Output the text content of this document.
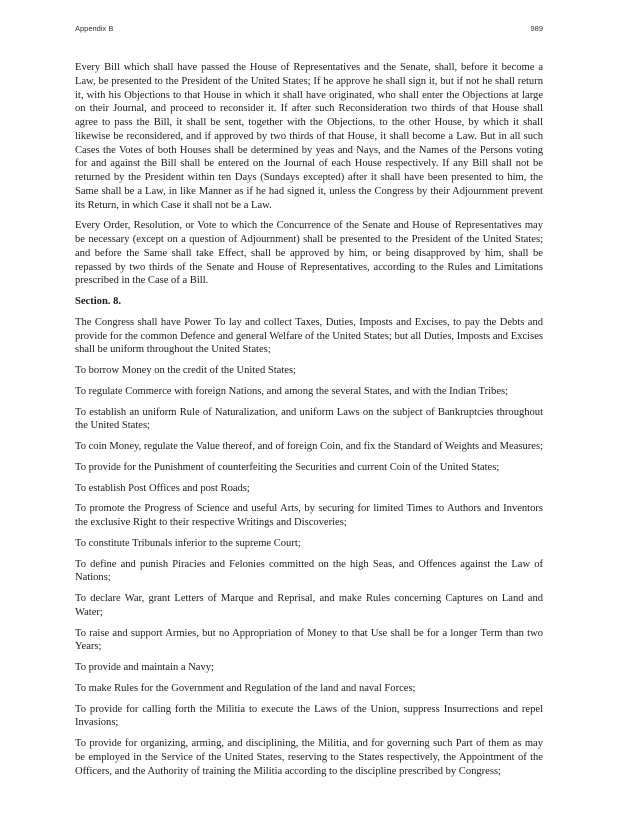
Appendix B	989

Every Bill which shall have passed the House of Representatives and the Senate, shall, before it become a Law, be presented to the President of the United States; If he approve he shall sign it, but if not he shall return it, with his Objections to that House in which it shall have originated, who shall enter the Objections at large on their Journal, and proceed to reconsider it. If after such Reconsideration two thirds of that House shall agree to pass the Bill, it shall be sent, together with the Objections, to the other House, by which it shall likewise be reconsidered, and if approved by two thirds of that House, it shall become a Law. But in all such Cases the Votes of both Houses shall be determined by yeas and Nays, and the Names of the Persons voting for and against the Bill shall be entered on the Journal of each House respectively. If any Bill shall not be returned by the President within ten Days (Sundays excepted) after it shall have been presented to him, the Same shall be a Law, in like Manner as if he had signed it, unless the Congress by their Adjournment prevent its Return, in which Case it shall not be a Law.

Every Order, Resolution, or Vote to which the Concurrence of the Senate and House of Representatives may be necessary (except on a question of Adjournment) shall be presented to the President of the United States; and before the Same shall take Effect, shall be approved by him, or being disapproved by him, shall be repassed by two thirds of the Senate and House of Representatives, according to the Rules and Limitations prescribed in the Case of a Bill.

Section. 8.

The Congress shall have Power To lay and collect Taxes, Duties, Imposts and Excises, to pay the Debts and provide for the common Defence and general Welfare of the United States; but all Duties, Imposts and Excises shall be uniform throughout the United States;

To borrow Money on the credit of the United States;

To regulate Commerce with foreign Nations, and among the several States, and with the Indian Tribes;

To establish an uniform Rule of Naturalization, and uniform Laws on the subject of Bankruptcies throughout the United States;

To coin Money, regulate the Value thereof, and of foreign Coin, and fix the Standard of Weights and Measures;

To provide for the Punishment of counterfeiting the Securities and current Coin of the United States;

To establish Post Offices and post Roads;

To promote the Progress of Science and useful Arts, by securing for limited Times to Authors and Inventors the exclusive Right to their respective Writings and Discoveries;

To constitute Tribunals inferior to the supreme Court;

To define and punish Piracies and Felonies committed on the high Seas, and Offences against the Law of Nations;

To declare War, grant Letters of Marque and Reprisal, and make Rules concerning Captures on Land and Water;

To raise and support Armies, but no Appropriation of Money to that Use shall be for a longer Term than two Years;

To provide and maintain a Navy;

To make Rules for the Government and Regulation of the land and naval Forces;

To provide for calling forth the Militia to execute the Laws of the Union, suppress Insurrections and repel Invasions;

To provide for organizing, arming, and disciplining, the Militia, and for governing such Part of them as may be employed in the Service of the United States, reserving to the States respectively, the Appointment of the Officers, and the Authority of training the Militia according to the discipline prescribed by Congress;
